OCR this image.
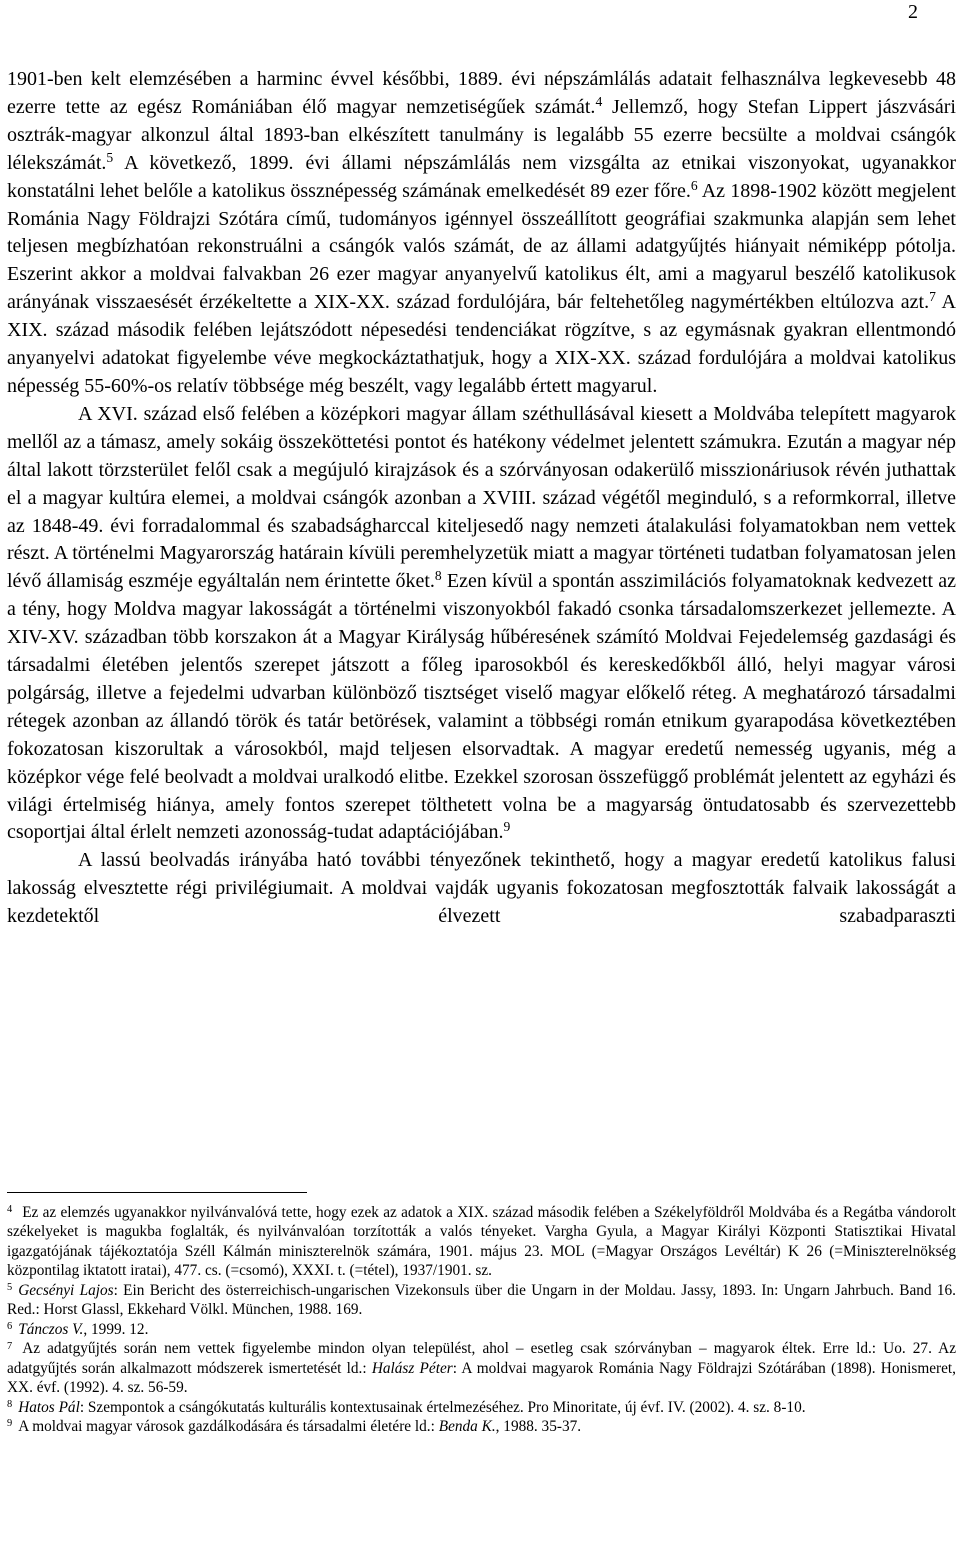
2

1901-ben kelt elemzésében a harminc évvel későbbi, 1889. évi népszámlálás adatait felhasználva legkevesebb 48 ezerre tette az egész Romániában élő magyar nemzetiségűek számát.$^4$ Jellemző, hogy Stefan Lippert jászvásári osztrák-magyar alkonzul által 1893-ban elkészített tanulmány is legalább 55 ezerre becsülte a moldvai csángók lélekszámát.$^5$ A következő, 1899. évi állami népszámlálás nem vizsgálta az etnikai viszonyokat, ugyanakkor konstatálni lehet belőle a katolikus össznépesség számának emelkedését 89 ezer főre.$^6$ Az 1898-1902 között megjelent Románia Nagy Földrajzi Szótára című, tudományos igénnyel összeállított geográfiai szakmunka alapján sem lehet teljesen megbízhatóan rekonstruálni a csángók valós számát, de az állami adatgyűjtés hiányait némiképp pótolja. Eszerint akkor a moldvai falvakban 26 ezer magyar anyanyelvű katolikus élt, ami a magyarul beszélő katolikusok arányának visszaesését érzékeltette a XIX-XX. század fordulójára, bár feltehetőleg nagymértékben eltúlozva azt.$^7$ A XIX. század második felében lejátszódott népesedési tendenciákat rögzítve, s az egymásnak gyakran ellentmondó anyanyelvi adatokat figyelembe véve megkockáztathatjuk, hogy a XIX-XX. század fordulójára a moldvai katolikus népesség 55-60%-os relatív többsége még beszélt, vagy legalább értett magyarul.

A XVI. század első felében a középkori magyar állam széthullásával kiesett a Moldvába telepített magyarok mellől az a támasz, amely sokáig összeköttetési pontot és hatékony védelmet jelentett számukra. Ezután a magyar nép által lakott törzsterület felől csak a megújuló kirajzások és a szórványosan odakerülő misszionáriusok révén juthattak el a magyar kultúra elemei, a moldvai csángók azonban a XVIII. század végétől meginduló, s a reformkorral, illetve az 1848-49. évi forradalommal és szabadságharccal kiteljesedő nagy nemzeti átalakulási folyamatokban nem vettek részt. A történelmi Magyarország határain kívüli peremhelyzetük miatt a magyar történeti tudatban folyamatosan jelen lévő államiság eszméje egyáltalán nem érintette őket.$^8$ Ezen kívül a spontán asszimilációs folyamatoknak kedvezett az a tény, hogy Moldva magyar lakosságát a történelmi viszonyokból fakadó csonka társadalomszerkezet jellemezte. A XIV-XV. században több korszakon át a Magyar Királyság hűbéresének számító Moldvai Fejedelemség gazdasági és társadalmi életében jelentős szerepet játszott a főleg iparosokból és kereskedőkből álló, helyi magyar városi polgárság, illetve a fejedelmi udvarban különböző tisztséget viselő magyar előkelő réteg. A meghatározó társadalmi rétegek azonban az állandó török és tatár betörések, valamint a többségi román etnikum gyarapodása következtében fokozatosan kiszorultak a városokból, majd teljesen elsorvadtak. A magyar eredetű nemesség ugyanis, még a középkor vége felé beolvadt a moldvai uralkodó elitbe. Ezekkel szorosan összefüggő problémát jelentett az egyházi és világi értelmiség hiánya, amely fontos szerepet tölthetett volna be a magyarság öntudatosabb és szervezettebb csoportjai által érlelt nemzeti azonosság-tudat adaptációjában.$^9$

A lassú beolvadás irányába ható további tényezőnek tekinthető, hogy a magyar eredetű katolikus falusi lakosság elvesztette régi privilégiumait. A moldvai vajdák ugyanis fokozatosan megfosztották falvaik lakosságát a kezdetektől élvezett szabadparaszti

$^4$ Ez az elemzés ugyanakkor nyilvánvalóvá tette, hogy ezek az adatok a XIX. század második felében a Székelyföldről Moldvába és a Regátba vándorolt székelyeket is magukba foglalták, és nyilvánvalóan torzították a valós tényeket. Vargha Gyula, a Magyar Királyi Központi Statisztikai Hivatal igazgatójának tájékoztatója Széll Kálmán miniszterelnök számára, 1901. május 23. MOL (=Magyar Országos Levéltár) K 26 (=Miniszterelnökség központilag iktatott iratai), 477. cs. (=csomó), XXXI. t. (=tétel), 1937/1901. sz.

$^5$ Gecsényi Lajos: Ein Bericht des österreichisch-ungarischen Vizekonsuls über die Ungarn in der Moldau. Jassy, 1893. In: Ungarn Jahrbuch. Band 16. Red.: Horst Glassl, Ekkehard Völkl. München, 1988. 169.

$^6$ Tánczos V., 1999. 12.

$^7$ Az adatgyűjtés során nem vettek figyelembe mindon olyan települést, ahol – esetleg csak szórványban – magyarok éltek. Erre ld.: Uo. 27. Az adatgyűjtés során alkalmazott módszerek ismertetését ld.: Halász Péter: A moldvai magyarok Románia Nagy Földrajzi Szótárában (1898). Honismeret, XX. évf. (1992). 4. sz. 56-59.

$^8$ Hatos Pál: Szempontok a csángókutatás kulturális kontextusainak értelmezéséhez. Pro Minoritate, új évf. IV. (2002). 4. sz. 8-10.

$^9$ A moldvai magyar városok gazdálkodására és társadalmi életére ld.: Benda K., 1988. 35-37.
